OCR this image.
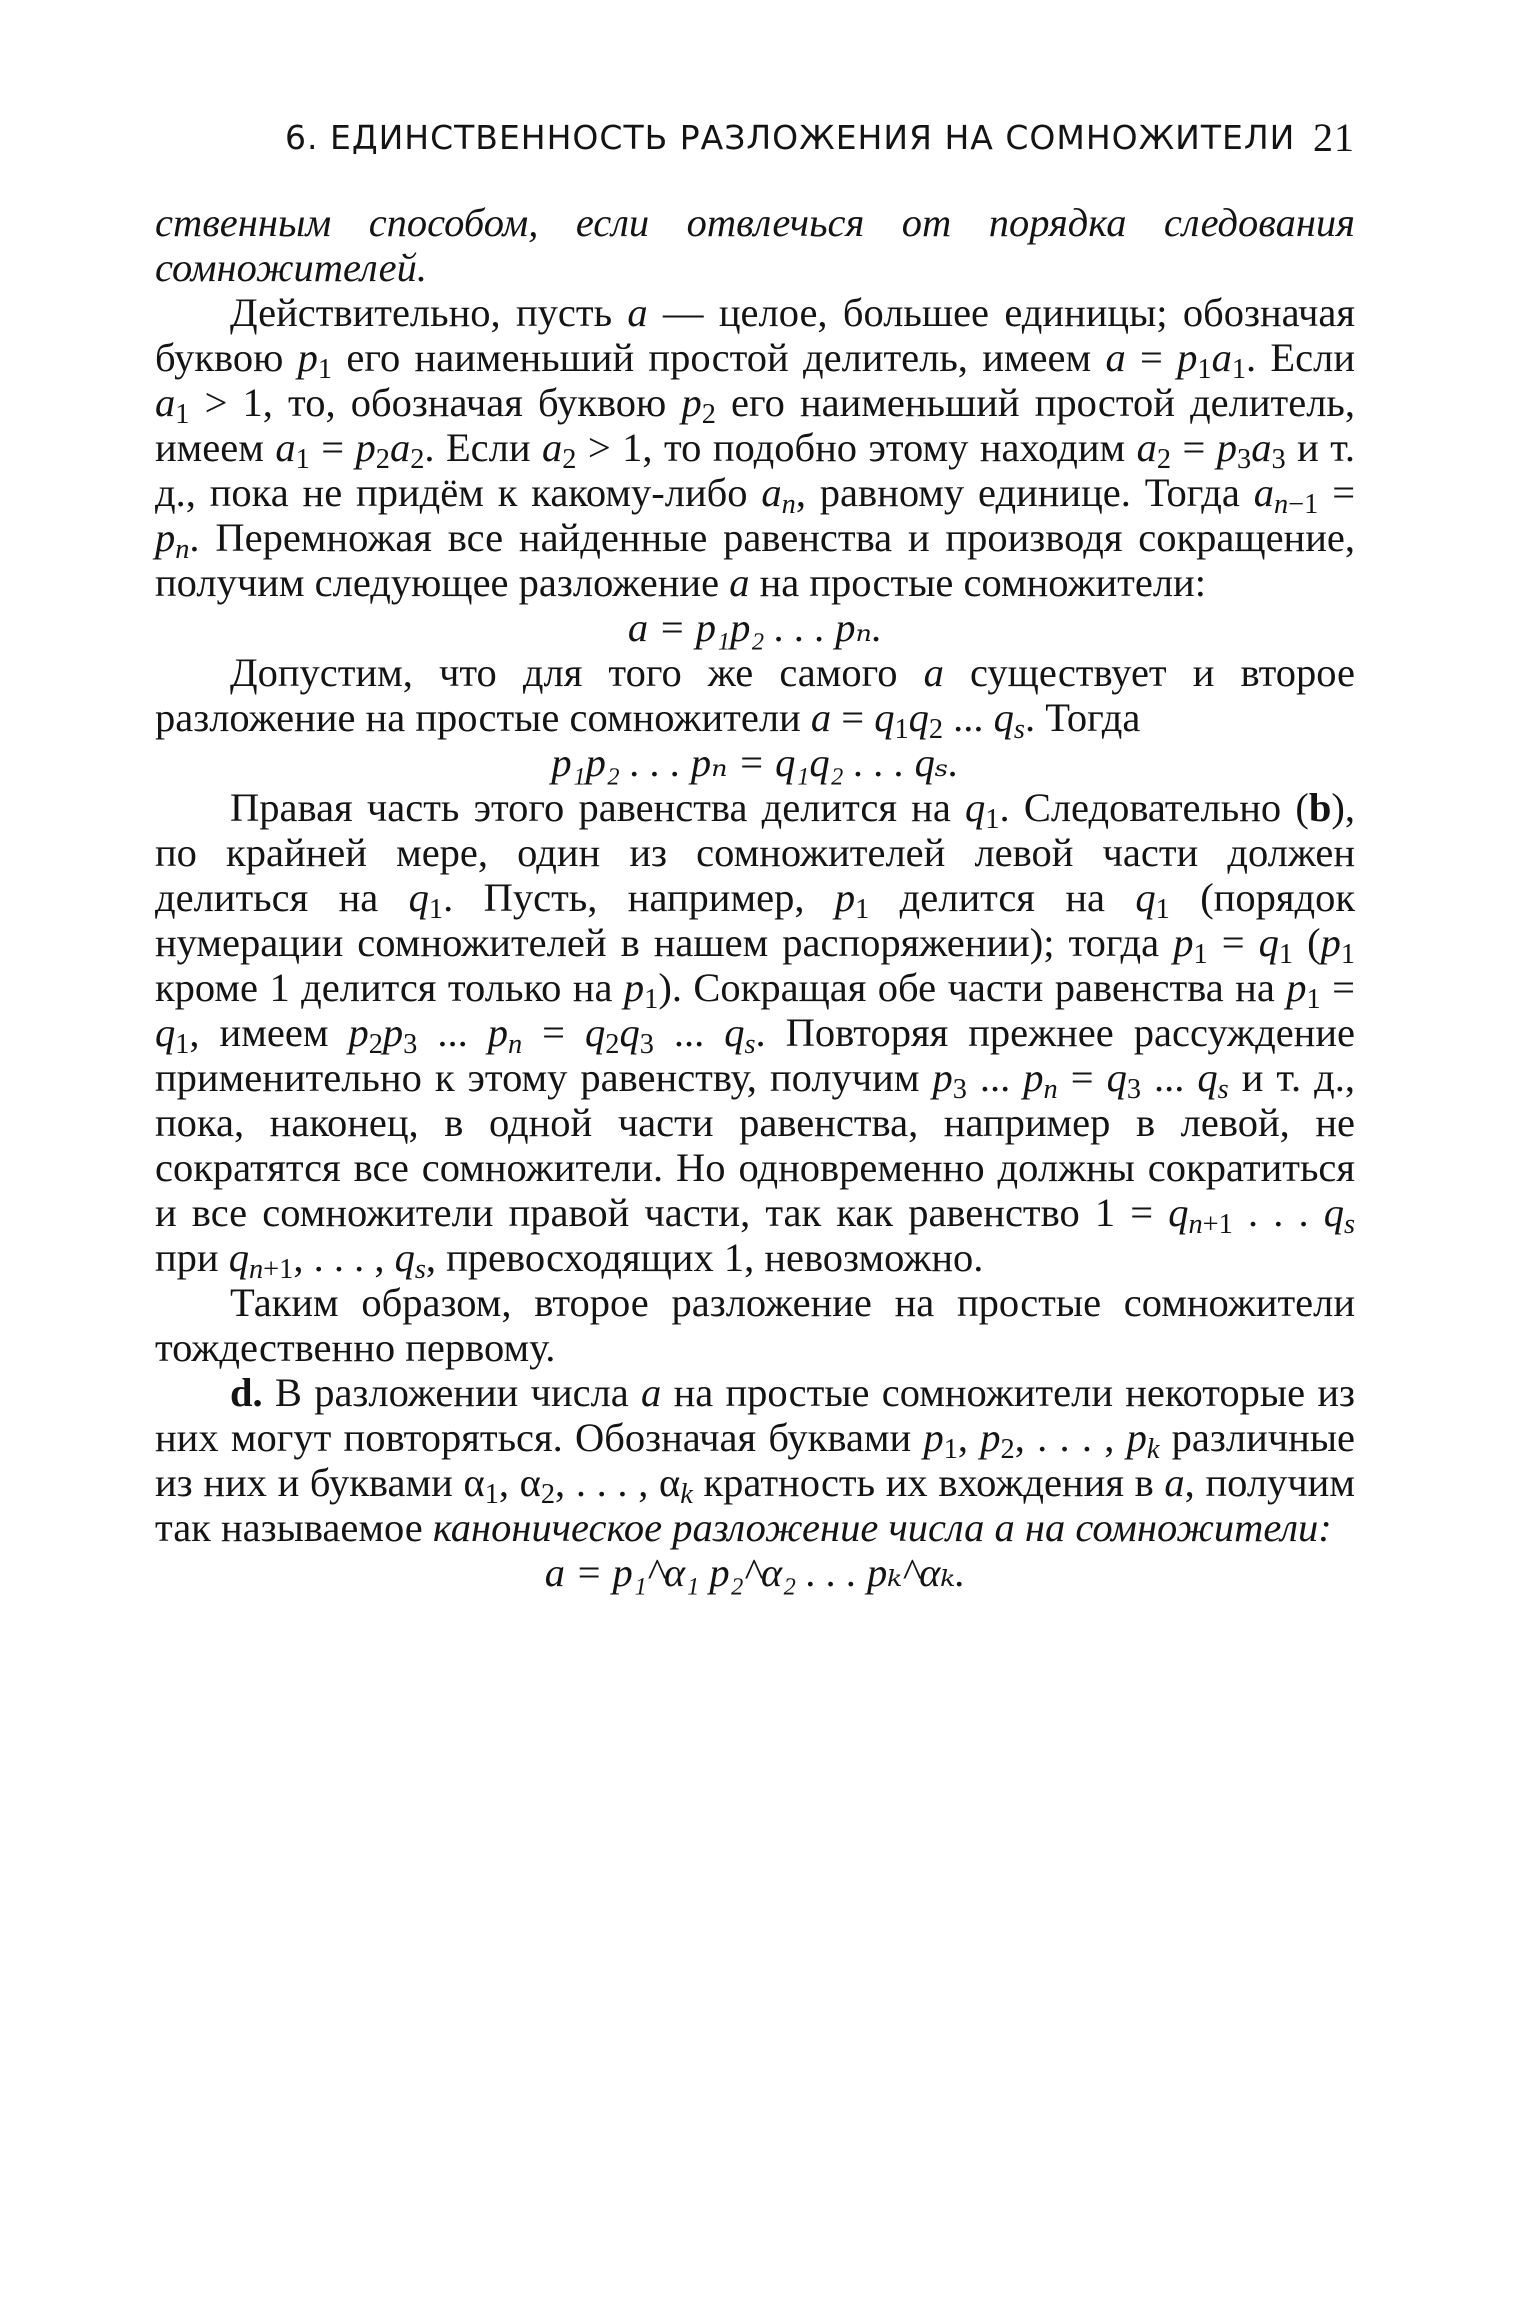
6. ЕДИНСТВЕННОСТЬ РАЗЛОЖЕНИЯ НА СОМНОЖИТЕЛИ 21

ственным способом, если отвлечься от порядка следования сомножителей.

Действительно, пусть a — целое, большее единицы; обозначая буквою $p_1$ его наименьший простой делитель, имеем $a = p_1a_1$. Если $a_1 > 1$, то, обозначая буквою $p_2$ его наименьший простой делитель, имеем $a_1 = p_2a_2$. Если $a_2 > 1$, то подобно этому находим $a_2 = p_3a_3$ и т. д., пока не придём к какому-либо $a_n$, равному единице. Тогда $a_{n-1} = p_n$. Перемножая все найденные равенства и производя сокращение, получим следующее разложение a на простые сомножители:

a = p₁p₂ . . . pₙ.

Допустим, что для того же самого a существует и второе разложение на простые сомножители $a = q_1q_2$ ... $q_s$. Тогда

p₁p₂ . . . pₙ = q₁q₂ . . . qₛ.

Правая часть этого равенства делится на $q_1$. Следовательно (b), по крайней мере, один из сомножителей левой части должен делиться на $q_1$. Пусть, например, $p_1$ делится на $q_1$ (порядок нумерации сомножителей в нашем распоряжении); тогда $p_1 = q_1$ ($p_1$ кроме 1 делится только на $p_1$). Сокращая обе части равенства на $p_1 = q_1$, имеем $p_2p_3$ ... $p_n = q_2q_3$ ... $q_s$. Повторяя прежнее рассуждение применительно к этому равенству, получим $p_3$ ... $p_n = q_3$ ... $q_s$ и т. д., пока, наконец, в одной части равенства, например в левой, не сократятся все сомножители. Но одновременно должны сократиться и все сомножители правой части, так как равенство $1 = q_{n+1}$ . . . $q_s$ при $q_{n+1}$, . . . , $q_s$, превосходящих 1, невозможно.

Таким образом, второе разложение на простые сомножители тождественно первому.

d. В разложении числа a на простые сомножители некоторые из них могут повторяться. Обозначая буквами $p_1$, $p_2$, . . . , $p_k$ различные из них и буквами $\alpha_1$, $\alpha_2$, . . . , $\alpha_k$ кратность их вхождения в a, получим так называемое каноническое разложение числа a на сомножители:

a = p₁^α₁ p₂^α₂ . . . pₖ^αₖ.
